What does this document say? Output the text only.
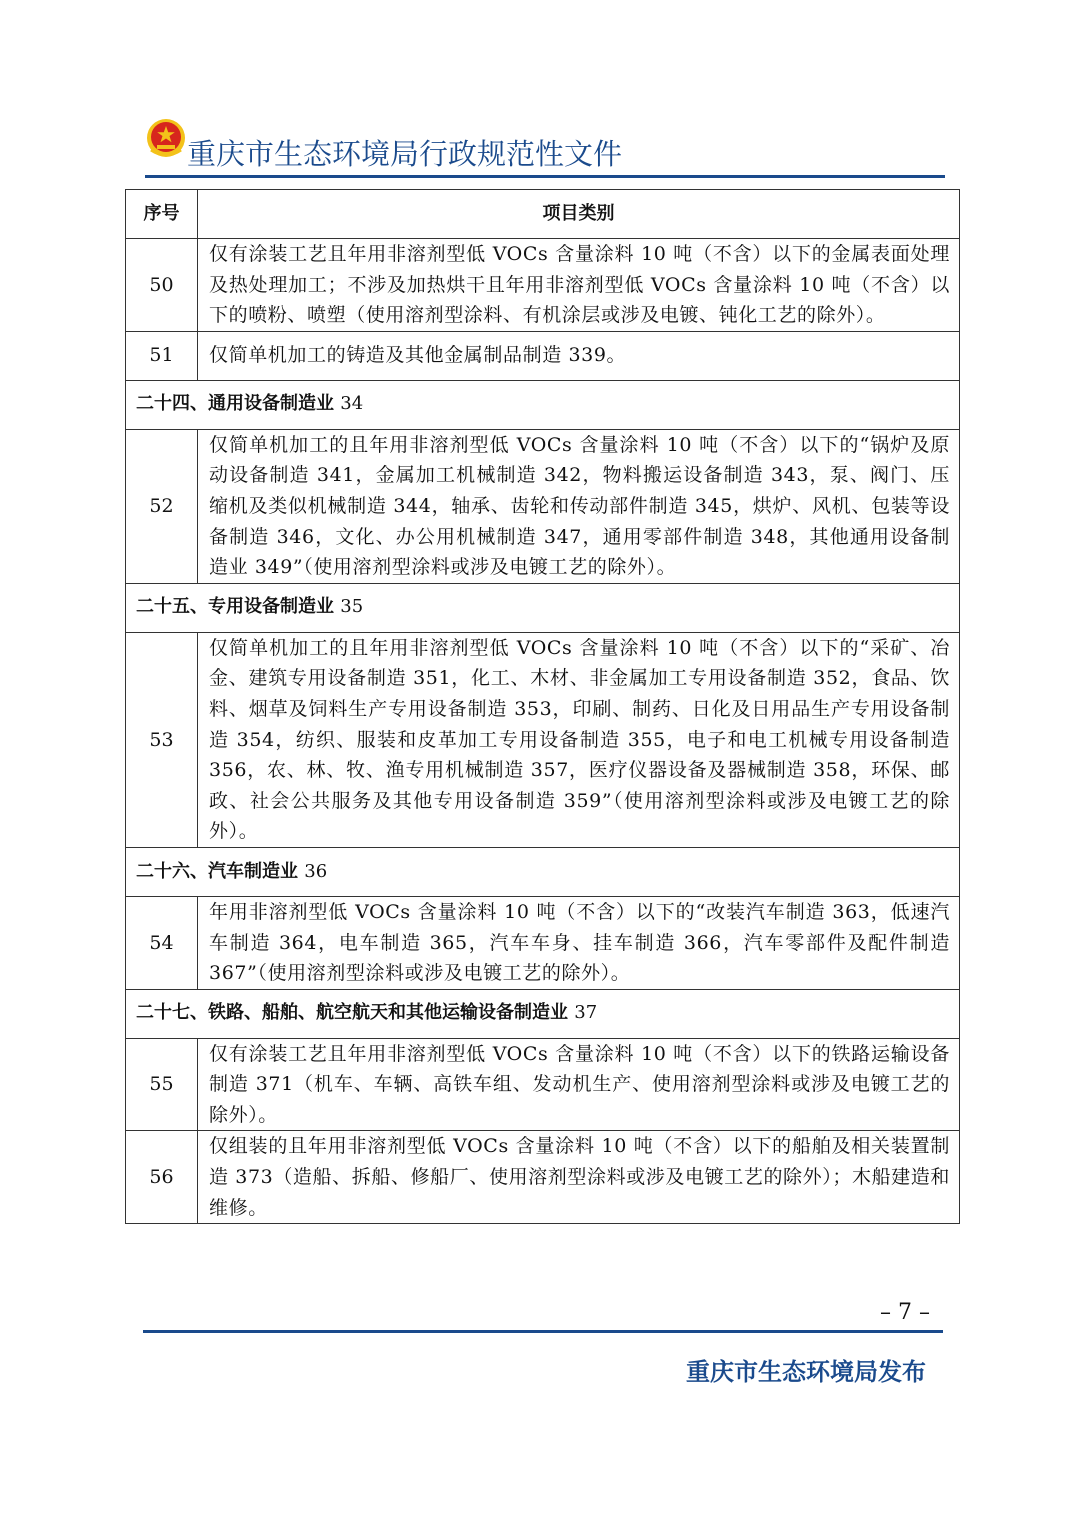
重庆市生态环境局行政规范性文件
序号	项目类别
50	仅有涂装工艺且年用非溶剂型低 VOCs 含量涂料 10 吨（不含）以下的金属表面处理及热处理加工；不涉及加热烘干且年用非溶剂型低 VOCs 含量涂料 10 吨（不含）以下的喷粉、喷塑（使用溶剂型涂料、有机涂层或涉及电镀、钝化工艺的除外）。
51	仅简单机加工的铸造及其他金属制品制造 339。
二十四、通用设备制造业 34	
52	仅简单机加工的且年用非溶剂型低 VOCs 含量涂料 10 吨（不含）以下的“锅炉及原动设备制造 341，金属加工机械制造 342，物料搬运设备制造 343，泵、阀门、压缩机及类似机械制造 344，轴承、齿轮和传动部件制造 345，烘炉、风机、包装等设备制造 346，文化、办公用机械制造 347，通用零部件制造 348，其他通用设备制造业 349”（使用溶剂型涂料或涉及电镀工艺的除外）。
二十五、专用设备制造业 35	
53	仅简单机加工的且年用非溶剂型低 VOCs 含量涂料 10 吨（不含）以下的“采矿、冶金、建筑专用设备制造 351，化工、木材、非金属加工专用设备制造 352，食品、饮料、烟草及饲料生产专用设备制造 353，印刷、制药、日化及日用品生产专用设备制造 354，纺织、服装和皮革加工专用设备制造 355，电子和电工机械专用设备制造 356，农、林、牧、渔专用机械制造 357，医疗仪器设备及器械制造 358，环保、邮政、社会公共服务及其他专用设备制造 359”（使用溶剂型涂料或涉及电镀工艺的除外）。
二十六、汽车制造业 36	
54	年用非溶剂型低 VOCs 含量涂料 10 吨（不含）以下的“改装汽车制造 363，低速汽车制造 364，电车制造 365，汽车车身、挂车制造 366，汽车零部件及配件制造 367”（使用溶剂型涂料或涉及电镀工艺的除外）。
二十七、铁路、船舶、航空航天和其他运输设备制造业 37	
55	仅有涂装工艺且年用非溶剂型低 VOCs 含量涂料 10 吨（不含）以下的铁路运输设备制造 371（机车、车辆、高铁车组、发动机生产、使用溶剂型涂料或涉及电镀工艺的除外）。
56	仅组装的且年用非溶剂型低 VOCs 含量涂料 10 吨（不含）以下的船舶及相关装置制造 373（造船、拆船、修船厂、使用溶剂型涂料或涉及电镀工艺的除外）；木船建造和维修。
– 7 –
重庆市生态环境局发布
